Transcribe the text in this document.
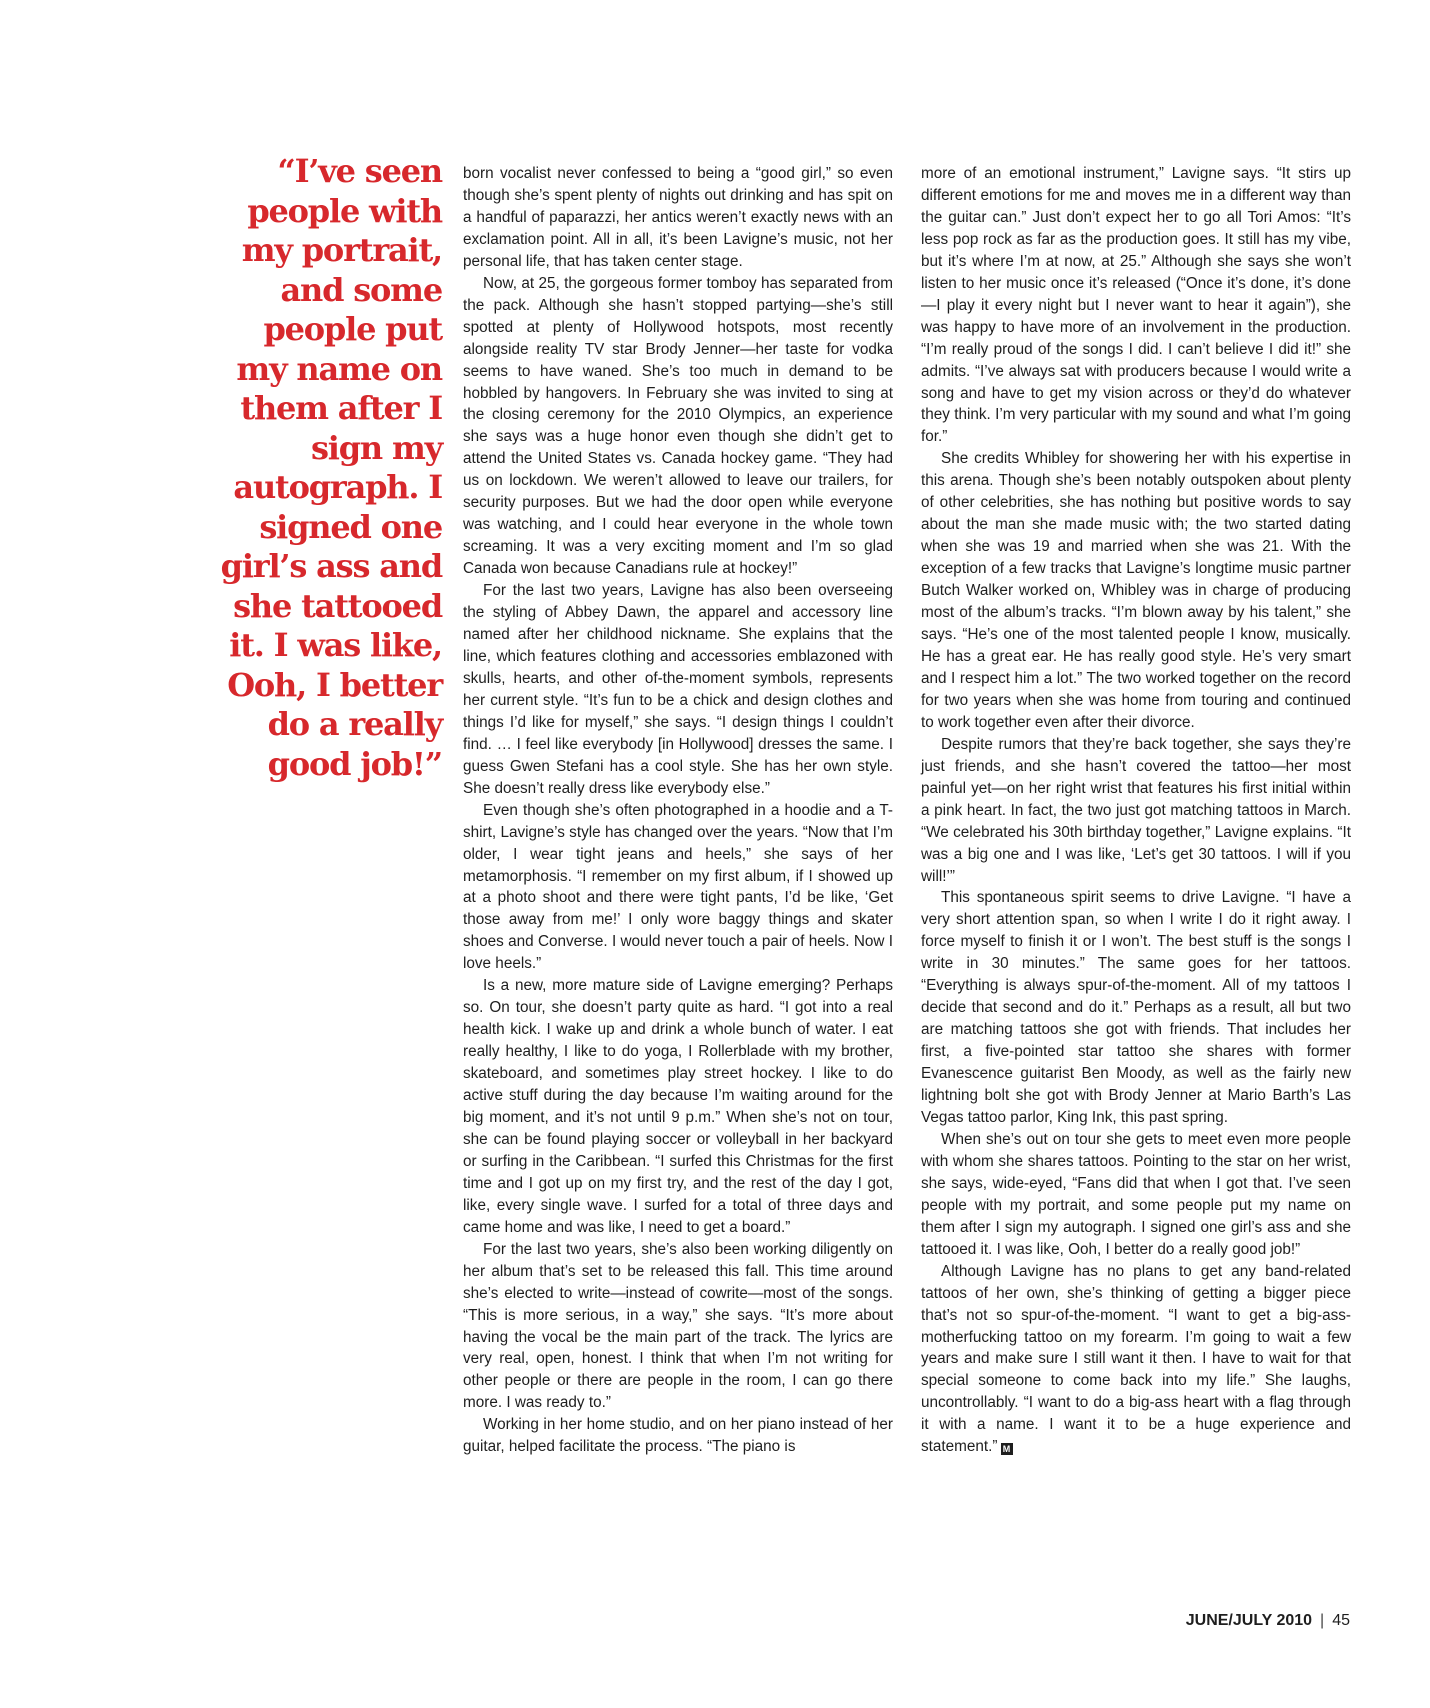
“I’ve seen people with my portrait, and some people put my name on them after I sign my autograph. I signed one girl’s ass and she tattooed it. I was like, Ooh, I better do a really good job!”

born vocalist never confessed to being a “good girl,” so even though she’s spent plenty of nights out drinking and has spit on a handful of paparazzi, her antics weren’t exactly news with an exclamation point. All in all, it’s been Lavigne’s music, not her personal life, that has taken center stage.

Now, at 25, the gorgeous former tomboy has separated from the pack. Although she hasn’t stopped partying—she’s still spotted at plenty of Hollywood hotspots, most recently alongside reality TV star Brody Jenner—her taste for vodka seems to have waned. She’s too much in demand to be hobbled by hangovers. In February she was invited to sing at the closing ceremony for the 2010 Olympics, an experience she says was a huge honor even though she didn’t get to attend the United States vs. Canada hockey game. “They had us on lockdown. We weren’t allowed to leave our trailers, for security purposes. But we had the door open while everyone was watching, and I could hear everyone in the whole town screaming. It was a very exciting moment and I’m so glad Canada won because Canadians rule at hockey!”

For the last two years, Lavigne has also been overseeing the styling of Abbey Dawn, the apparel and accessory line named after her childhood nickname. She explains that the line, which features clothing and accessories emblazoned with skulls, hearts, and other of-the-moment symbols, represents her current style. “It’s fun to be a chick and design clothes and things I’d like for myself,” she says. “I design things I couldn’t find. … I feel like everybody [in Hollywood] dresses the same. I guess Gwen Stefani has a cool style. She has her own style. She doesn’t really dress like everybody else.”

Even though she’s often photographed in a hoodie and a T-shirt, Lavigne’s style has changed over the years. “Now that I’m older, I wear tight jeans and heels,” she says of her metamorphosis. “I remember on my first album, if I showed up at a photo shoot and there were tight pants, I’d be like, ‘Get those away from me!’ I only wore baggy things and skater shoes and Converse. I would never touch a pair of heels. Now I love heels.”

Is a new, more mature side of Lavigne emerging? Perhaps so. On tour, she doesn’t party quite as hard. “I got into a real health kick. I wake up and drink a whole bunch of water. I eat really healthy, I like to do yoga, I Rollerblade with my brother, skateboard, and sometimes play street hockey. I like to do active stuff during the day because I’m waiting around for the big moment, and it’s not until 9 p.m.” When she’s not on tour, she can be found playing soccer or volleyball in her backyard or surfing in the Caribbean. “I surfed this Christmas for the first time and I got up on my first try, and the rest of the day I got, like, every single wave. I surfed for a total of three days and came home and was like, I need to get a board.”

For the last two years, she’s also been working diligently on her album that’s set to be released this fall. This time around she’s elected to write—instead of cowrite—most of the songs. “This is more serious, in a way,” she says. “It’s more about having the vocal be the main part of the track. The lyrics are very real, open, honest. I think that when I’m not writing for other people or there are people in the room, I can go there more. I was ready to.”

Working in her home studio, and on her piano instead of her guitar, helped facilitate the process. “The piano is

more of an emotional instrument,” Lavigne says. “It stirs up different emotions for me and moves me in a different way than the guitar can.” Just don’t expect her to go all Tori Amos: “It’s less pop rock as far as the production goes. It still has my vibe, but it’s where I’m at now, at 25.” Although she says she won’t listen to her music once it’s released (“Once it’s done, it’s done—I play it every night but I never want to hear it again”), she was happy to have more of an involvement in the production. “I’m really proud of the songs I did. I can’t believe I did it!” she admits. “I’ve always sat with producers because I would write a song and have to get my vision across or they’d do whatever they think. I’m very particular with my sound and what I’m going for.”

She credits Whibley for showering her with his expertise in this arena. Though she’s been notably outspoken about plenty of other celebrities, she has nothing but positive words to say about the man she made music with; the two started dating when she was 19 and married when she was 21. With the exception of a few tracks that Lavigne’s longtime music partner Butch Walker worked on, Whibley was in charge of producing most of the album’s tracks. “I’m blown away by his talent,” she says. “He’s one of the most talented people I know, musically. He has a great ear. He has really good style. He’s very smart and I respect him a lot.” The two worked together on the record for two years when she was home from touring and continued to work together even after their divorce.

Despite rumors that they’re back together, she says they’re just friends, and she hasn’t covered the tattoo—her most painful yet—on her right wrist that features his first initial within a pink heart. In fact, the two just got matching tattoos in March. “We celebrated his 30th birthday together,” Lavigne explains. “It was a big one and I was like, ‘Let’s get 30 tattoos. I will if you will!’”

This spontaneous spirit seems to drive Lavigne. “I have a very short attention span, so when I write I do it right away. I force myself to finish it or I won’t. The best stuff is the songs I write in 30 minutes.” The same goes for her tattoos. “Everything is always spur-of-the-moment. All of my tattoos I decide that second and do it.” Perhaps as a result, all but two are matching tattoos she got with friends. That includes her first, a five-pointed star tattoo she shares with former Evanescence guitarist Ben Moody, as well as the fairly new lightning bolt she got with Brody Jenner at Mario Barth’s Las Vegas tattoo parlor, King Ink, this past spring.

When she’s out on tour she gets to meet even more people with whom she shares tattoos. Pointing to the star on her wrist, she says, wide-eyed, “Fans did that when I got that. I’ve seen people with my portrait, and some people put my name on them after I sign my autograph. I signed one girl’s ass and she tattooed it. I was like, Ooh, I better do a really good job!”

Although Lavigne has no plans to get any band-related tattoos of her own, she’s thinking of getting a bigger piece that’s not so spur-of-the-moment. “I want to get a big-ass-motherfucking tattoo on my forearm. I’m going to wait a few years and make sure I still want it then. I have to wait for that special someone to come back into my life.” She laughs, uncontrollably. “I want to do a big-ass heart with a flag through it with a name. I want it to be a huge experience and statement.” M

JUNE/JULY 2010 | 45
